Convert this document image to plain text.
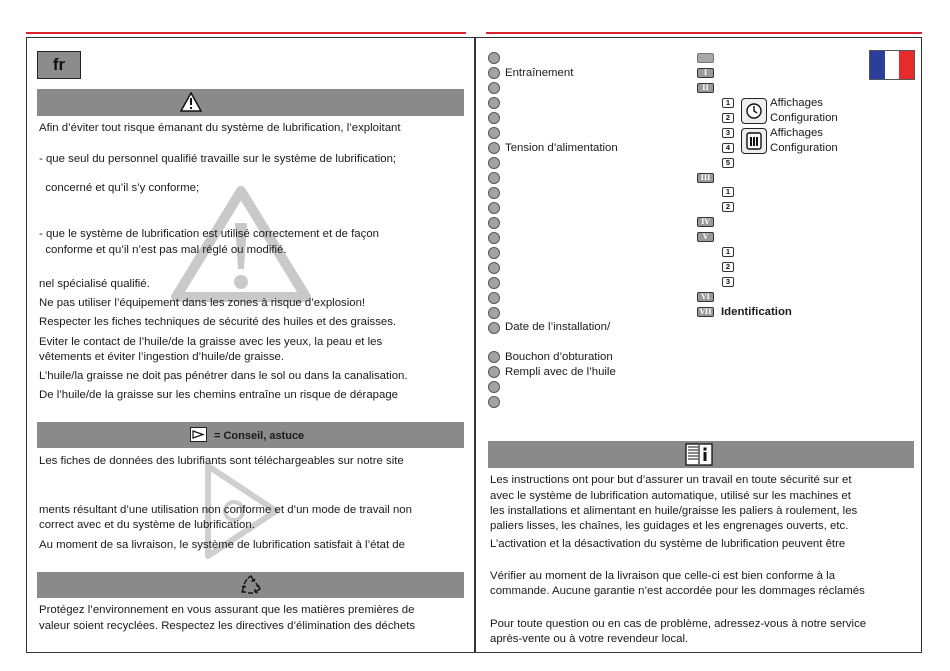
fr
Afin d’éviter tout risque émanant du système de lubrification, l’exploitant
- que seul du personnel qualifié travaille sur le système de lubrification;
concerné et qu’il s’y conforme;
- que le système de lubrification est utilisé correctement et de façon
conforme et qu’il n’est pas mal réglé ou modifié.
nel spécialisé qualifié.
Ne pas utiliser l’équipement dans les zones à risque d’explosion!
Respecter les fiches techniques de sécurité des huiles et des graisses.
Eviter le contact de l’huile/de la graisse avec les yeux, la peau et les
vêtements et éviter l’ingestion d’huile/de graisse.
L’huile/la graisse ne doit pas pénétrer dans le sol ou dans la canalisation.
De l’huile/de la graisse sur les chemins entraîne un risque de dérapage
= Conseil, astuce
Les fiches de données des lubrifiants sont téléchargeables sur notre site
ments résultant d’une utilisation non conforme et d’un mode de travail non
correct avec et du système de lubrification.
Au moment de sa livraison, le système de lubrification satisfait à l’état de
Protégez l’environnement en vous assurant que les matières premières de
valeur soient recyclées. Respectez les directives d’élimination des déchets
Entraînement
Tension d’alimentation
Date de l’installation/
Bouchon d’obturation
Rempli avec de l’huile
I
II
III
IV
V
VI
VII
1
2
3
4
5
1
2
1
2
3
Affichages
Configuration
Affichages
Configuration
Identification
Les instructions ont pour but d’assurer un travail en toute sécurité sur et
avec le système de lubrification automatique, utilisé sur les machines et
les installations et alimentant en huile/graisse les paliers à roulement, les
paliers lisses, les chaînes, les guidages et les engrenages ouverts, etc.
L’activation et la désactivation du système de lubrification peuvent être
Vérifier au moment de la livraison que celle-ci est bien conforme à la
commande. Aucune garantie n’est accordée pour les dommages réclamés
Pour toute question ou en cas de problème, adressez-vous à notre service
après-vente ou à votre revendeur local.
